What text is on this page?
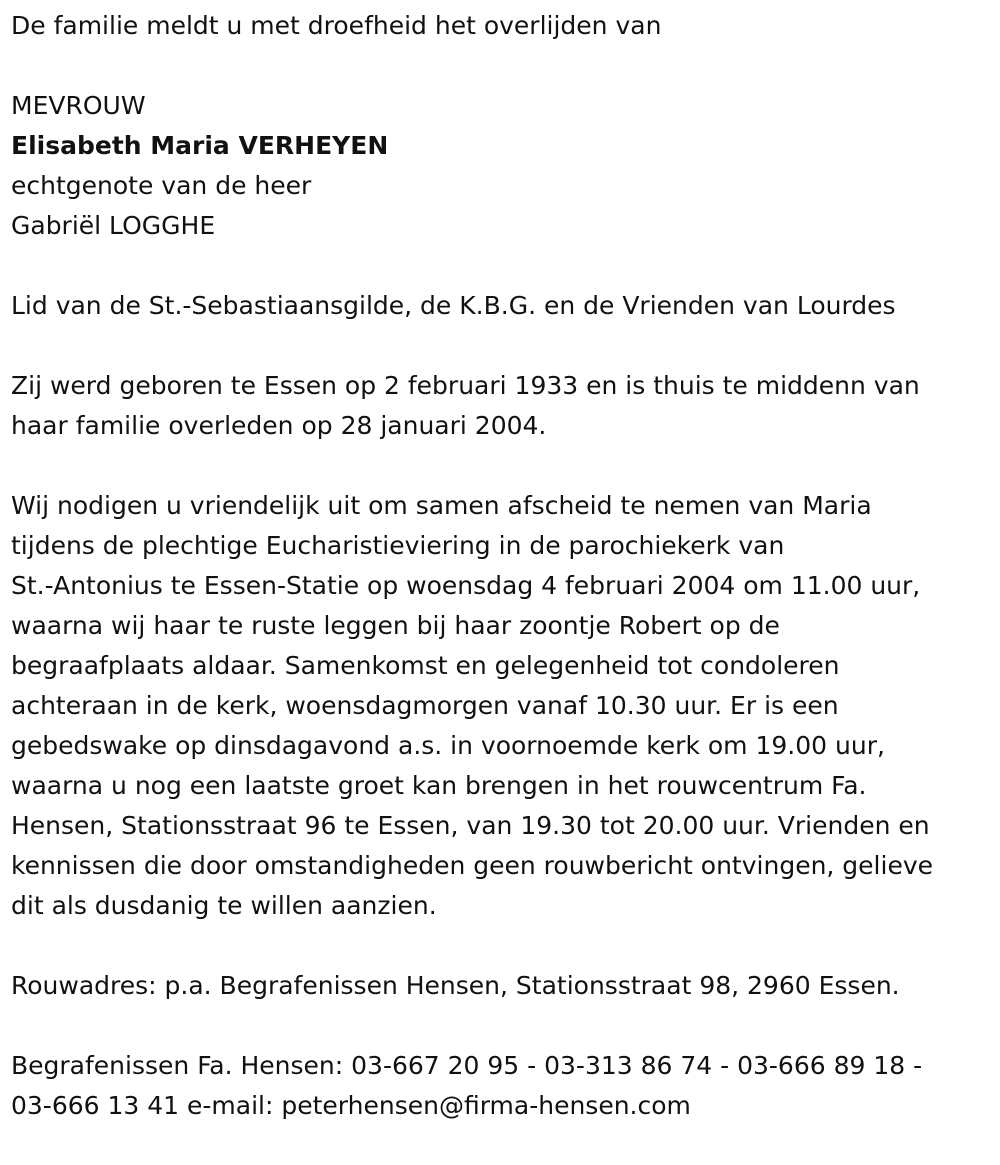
De familie meldt u met droefheid het overlijden van
MEVROUW
Elisabeth Maria VERHEYEN
echtgenote van de heer
Gabriël LOGGHE
Lid van de St.-Sebastiaansgilde, de K.B.G. en de Vrienden van Lourdes
Zij werd geboren te Essen op 2 februari 1933 en is thuis te middenn van
haar familie overleden op 28 januari 2004.
Wij nodigen u vriendelijk uit om samen afscheid te nemen van Maria
tijdens de plechtige Eucharistieviering in de parochiekerk van
St.-Antonius te Essen-Statie op woensdag 4 februari 2004 om 11.00 uur,
waarna wij haar te ruste leggen bij haar zoontje Robert op de
begraafplaats aldaar. Samenkomst en gelegenheid tot condoleren
achteraan in de kerk, woensdagmorgen vanaf 10.30 uur. Er is een
gebedswake op dinsdagavond a.s. in voornoemde kerk om 19.00 uur,
waarna u nog een laatste groet kan brengen in het rouwcentrum Fa.
Hensen, Stationsstraat 96 te Essen, van 19.30 tot 20.00 uur. Vrienden en
kennissen die door omstandigheden geen rouwbericht ontvingen, gelieve
dit als dusdanig te willen aanzien.
Rouwadres: p.a. Begrafenissen Hensen, Stationsstraat 98, 2960 Essen.
Begrafenissen Fa. Hensen: 03-667 20 95 - 03-313 86 74 - 03-666 89 18 -
03-666 13 41 e-mail: peterhensen@firma-hensen.com
